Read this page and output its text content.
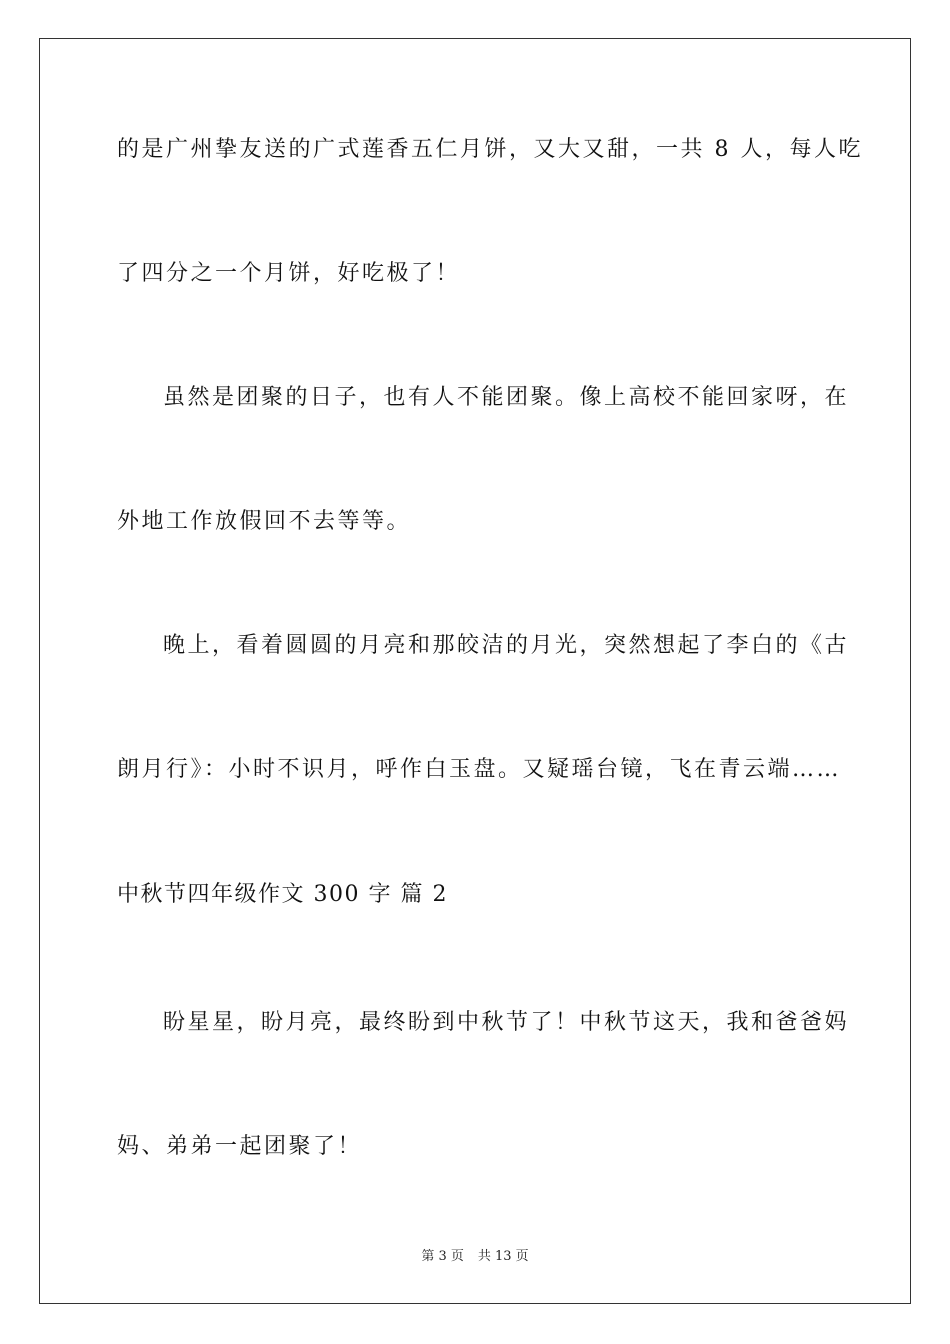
的是广州挚友送的广式莲香五仁月饼，又大又甜，一共 8 人，每人吃
了四分之一个月饼，好吃极了！
虽然是团聚的日子，也有人不能团聚。像上高校不能回家呀，在
外地工作放假回不去等等。
晚上，看着圆圆的月亮和那皎洁的月光，突然想起了李白的《古
朗月行》：小时不识月，呼作白玉盘。又疑瑶台镜，飞在青云端……
中秋节四年级作文 300 字 篇 2
盼星星，盼月亮，最终盼到中秋节了！中秋节这天，我和爸爸妈
妈、弟弟一起团聚了！
第 3 页 共 13 页
